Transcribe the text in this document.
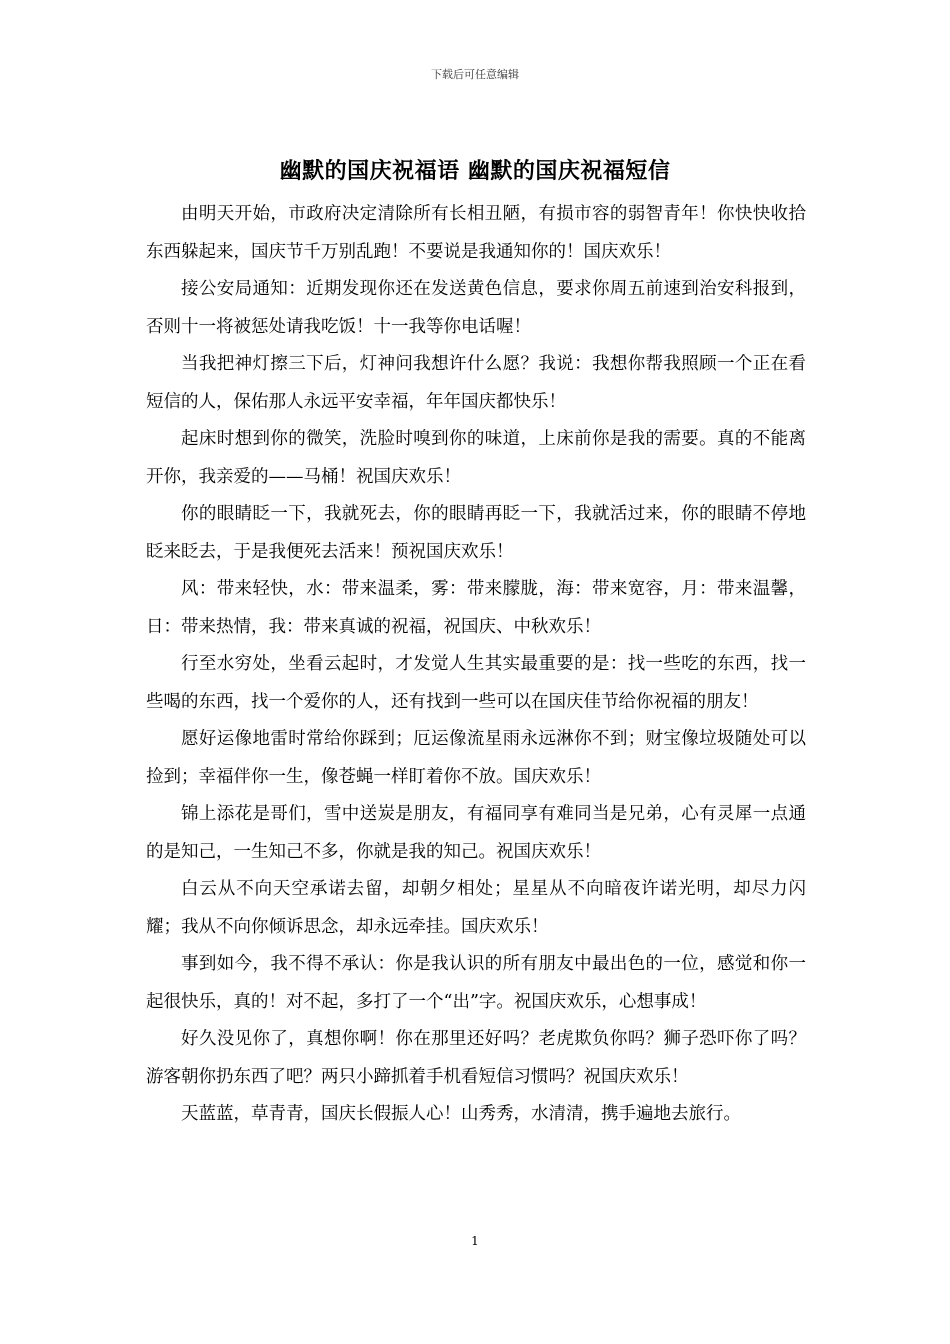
下载后可任意编辑
幽默的国庆祝福语 幽默的国庆祝福短信

由明天开始，市政府决定清除所有长相丑陋，有损市容的弱智青年！你快快收拾东西躲起来，国庆节千万别乱跑！不要说是我通知你的！国庆欢乐！

接公安局通知：近期发现你还在发送黄色信息，要求你周五前速到治安科报到，否则十一将被惩处请我吃饭！十一我等你电话喔！

当我把神灯擦三下后，灯神问我想许什么愿？我说：我想你帮我照顾一个正在看短信的人，保佑那人永远平安幸福，年年国庆都快乐！

起床时想到你的微笑，洗脸时嗅到你的味道，上床前你是我的需要。真的不能离开你，我亲爱的——马桶！祝国庆欢乐！

你的眼睛眨一下，我就死去，你的眼睛再眨一下，我就活过来，你的眼睛不停地眨来眨去，于是我便死去活来！预祝国庆欢乐！

风：带来轻快，水：带来温柔，雾：带来朦胧，海：带来宽容，月：带来温馨，日：带来热情，我：带来真诚的祝福，祝国庆、中秋欢乐！

行至水穷处，坐看云起时，才发觉人生其实最重要的是：找一些吃的东西，找一些喝的东西，找一个爱你的人，还有找到一些可以在国庆佳节给你祝福的朋友！

愿好运像地雷时常给你踩到；厄运像流星雨永远淋你不到；财宝像垃圾随处可以捡到；幸福伴你一生，像苍蝇一样盯着你不放。国庆欢乐！

锦上添花是哥们，雪中送炭是朋友，有福同享有难同当是兄弟，心有灵犀一点通的是知己，一生知己不多，你就是我的知己。祝国庆欢乐！

白云从不向天空承诺去留，却朝夕相处；星星从不向暗夜许诺光明，却尽力闪耀；我从不向你倾诉思念，却永远牵挂。国庆欢乐！

事到如今，我不得不承认：你是我认识的所有朋友中最出色的一位，感觉和你一起很快乐，真的！对不起，多打了一个“出”字。祝国庆欢乐，心想事成！

好久没见你了，真想你啊！你在那里还好吗？老虎欺负你吗？狮子恐吓你了吗？游客朝你扔东西了吧？两只小蹄抓着手机看短信习惯吗？祝国庆欢乐！

天蓝蓝，草青青，国庆长假振人心！山秀秀，水清清，携手遍地去旅行。

1
